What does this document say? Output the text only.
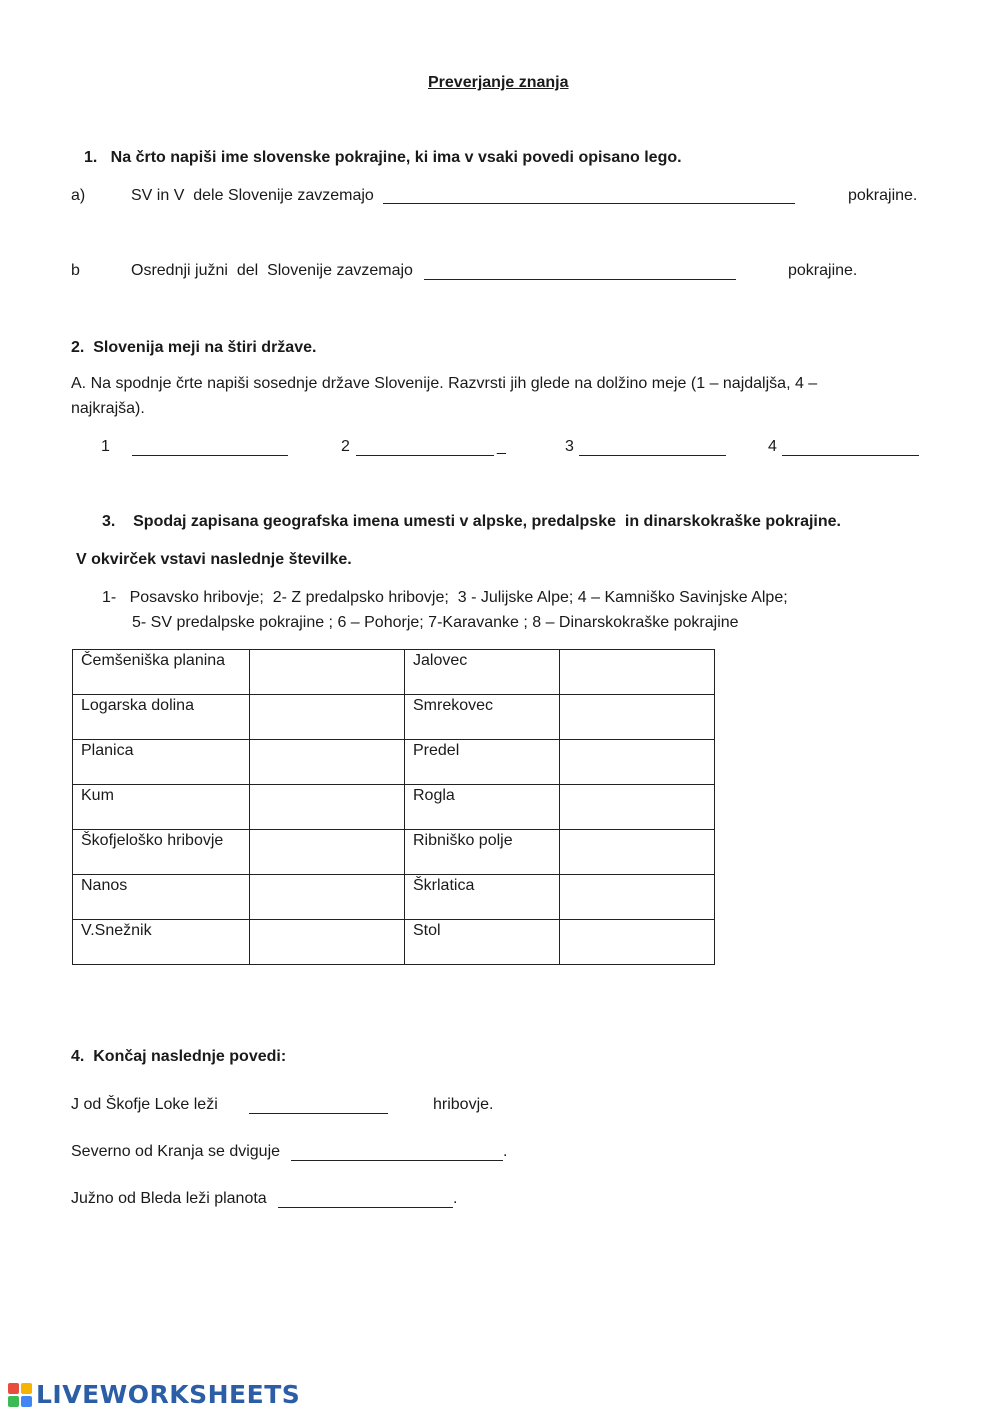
Preverjanje znanja
1.   Na črto napiši ime slovenske pokrajine, ki ima v vsaki povedi opisano lego.
a)	SV in V  dele Slovenije zavzemajo	pokrajine.
b	Osrednji južni  del  Slovenije zavzemajo	pokrajine.
2.  Slovenija meji na štiri države.
A. Na spodnje črte napiši sosednje države Slovenije. Razvrsti jih glede na dolžino meje (1 – najdaljša, 4 –
najkrajša).
1	2	_	3	4
3.    Spodaj zapisana geografska imena umesti v alpske, predalpske  in dinarskokraške pokrajine.
V okvirček vstavi naslednje številke.
1-   Posavsko hribovje;  2- Z predalpsko hribovje;  3 - Julijske Alpe; 4 – Kamniško Savinjske Alpe;
5- SV predalpske pokrajine ; 6 – Pohorje; 7-Karavanke ; 8 – Dinarskokraške pokrajine
Čemšeniška planina		Jalovec	
Logarska dolina		Smrekovec	
Planica		Predel	
Kum		Rogla	
Škofjeloško hribovje		Ribniško polje	
Nanos		Škrlatica	
V.Snežnik		Stol	
4.  Končaj naslednje povedi:
J od Škofje Loke leži	hribovje.
Severno od Kranja se dviguje	.
Južno od Bleda leži planota	.
LIVEWORKSHEETS
